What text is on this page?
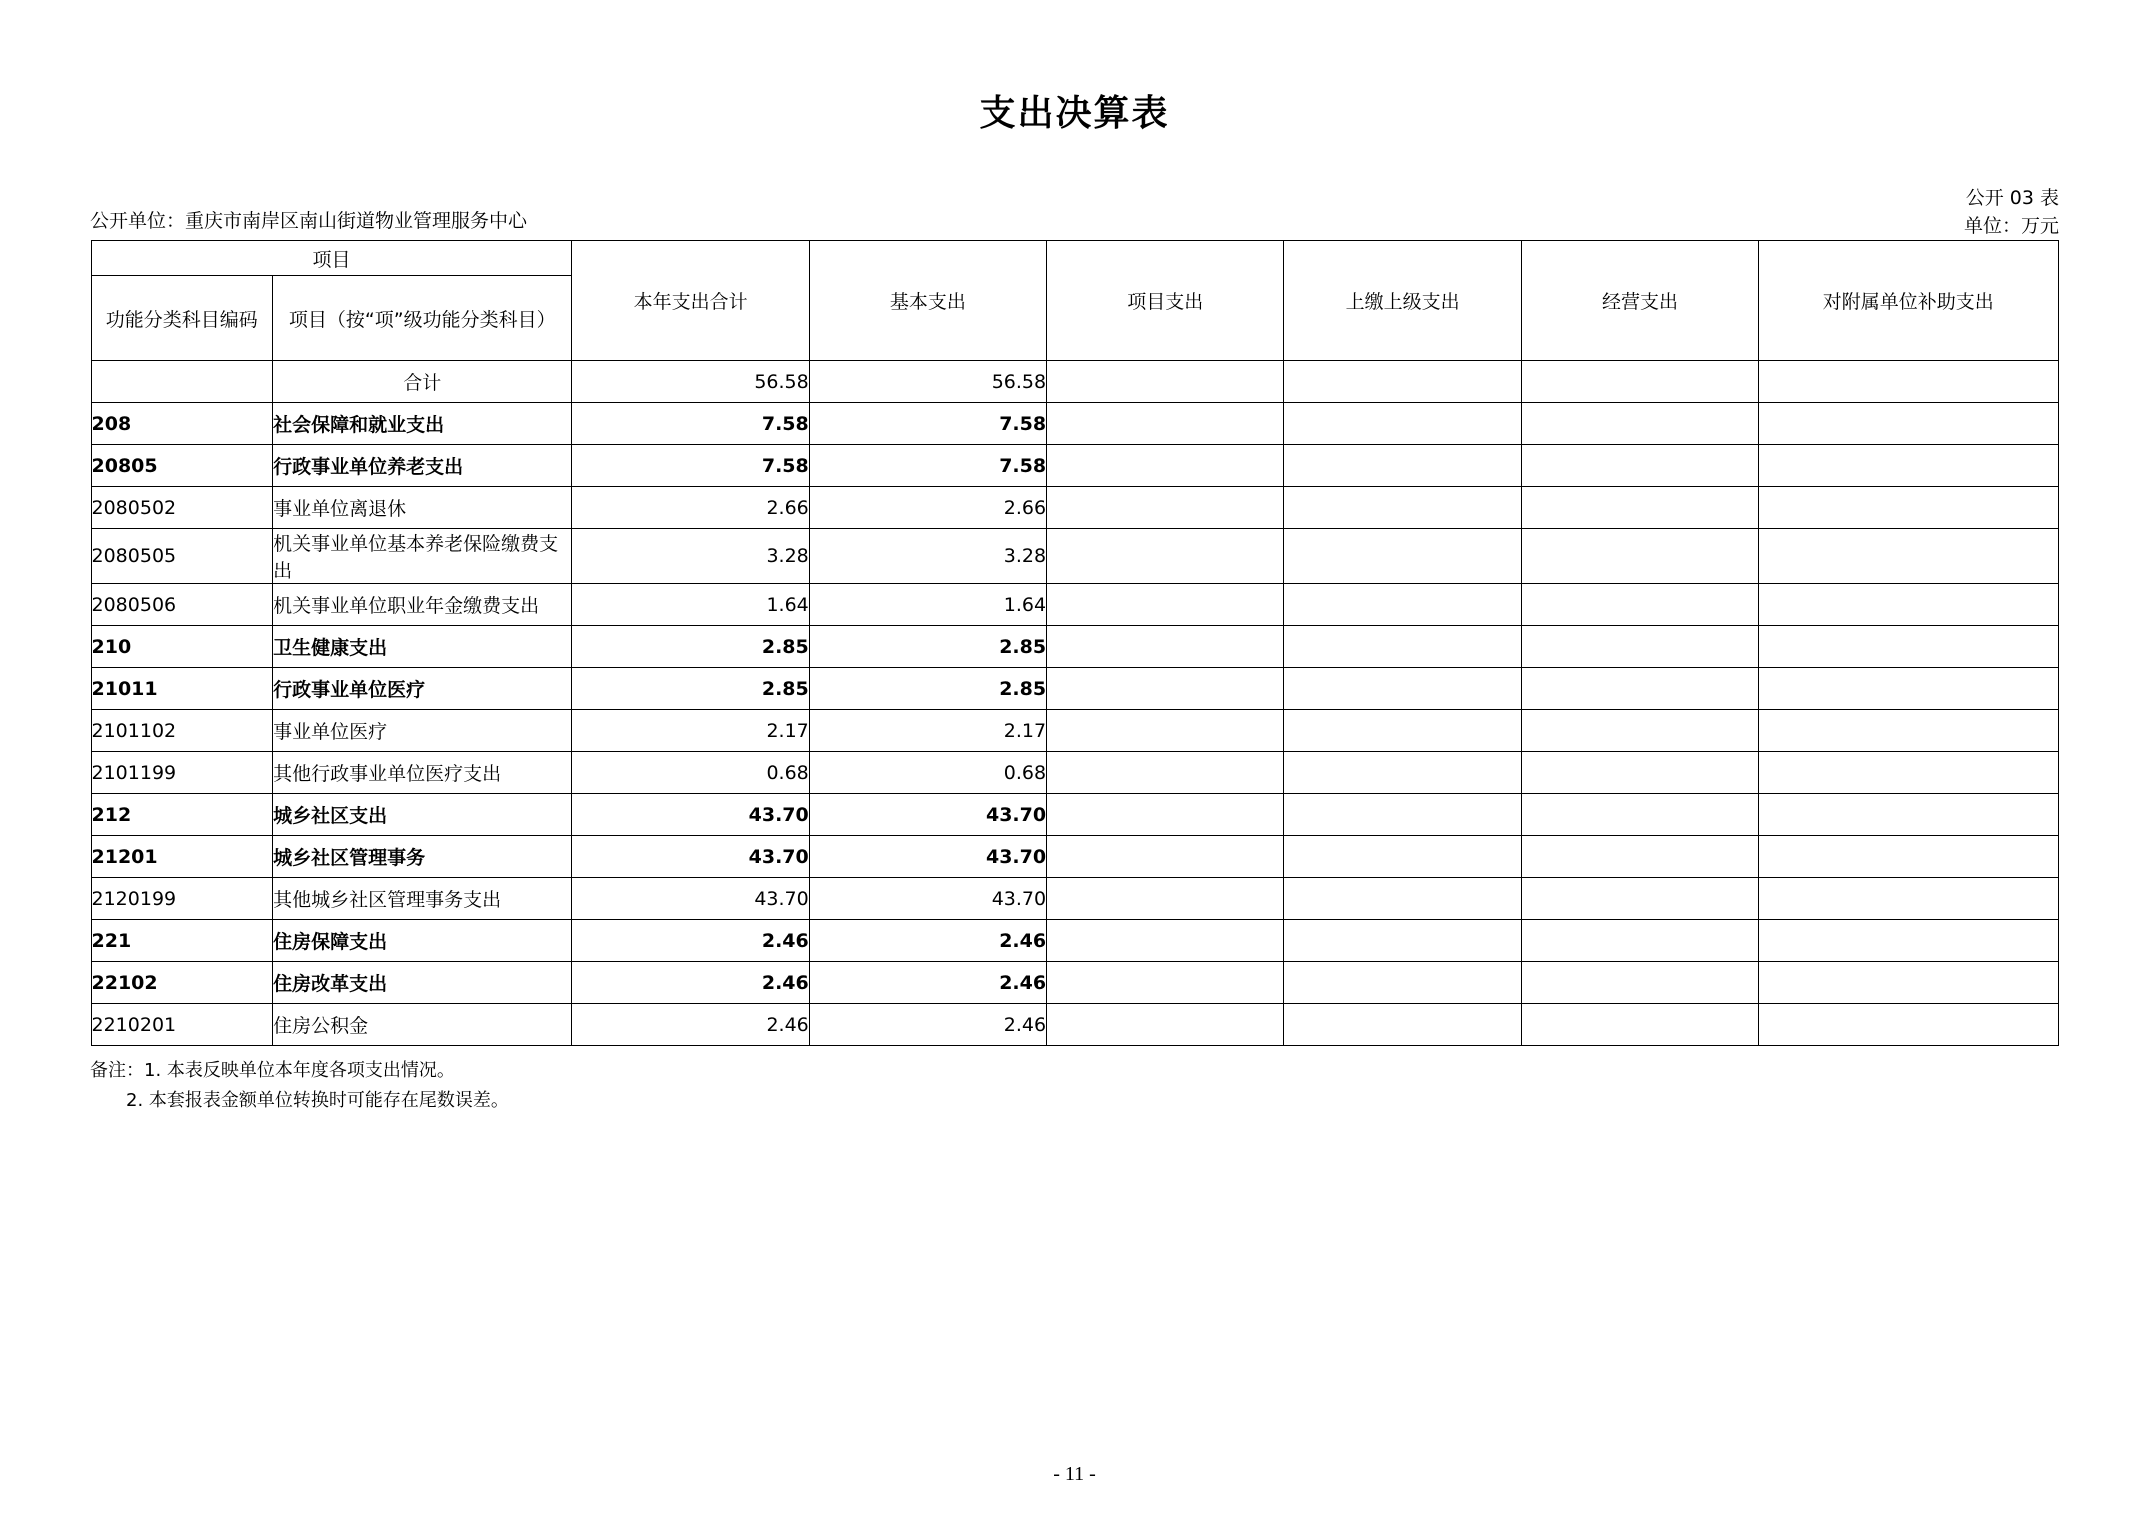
支出决算表
公开单位：重庆市南岸区南山街道物业管理服务中心
公开 03 表
单位：万元
项目		本年支出合计	基本支出	项目支出	上缴上级支出	经营支出	对附属单位补助支出
功能分类科目编码	项目（按“项”级功能分类科目）						
	合计	56.58	56.58				
208	社会保障和就业支出	7.58	7.58				
20805	行政事业单位养老支出	7.58	7.58				
2080502	事业单位离退休	2.66	2.66				
2080505	机关事业单位基本养老保险缴费支出	3.28	3.28				
2080506	机关事业单位职业年金缴费支出	1.64	1.64				
210	卫生健康支出	2.85	2.85				
21011	行政事业单位医疗	2.85	2.85				
2101102	事业单位医疗	2.17	2.17				
2101199	其他行政事业单位医疗支出	0.68	0.68				
212	城乡社区支出	43.70	43.70				
21201	城乡社区管理事务	43.70	43.70				
2120199	其他城乡社区管理事务支出	43.70	43.70				
221	住房保障支出	2.46	2.46				
22102	住房改革支出	2.46	2.46				
2210201	住房公积金	2.46	2.46				
备注：1. 本表反映单位本年度各项支出情况。
2. 本套报表金额单位转换时可能存在尾数误差。
- 11 -
